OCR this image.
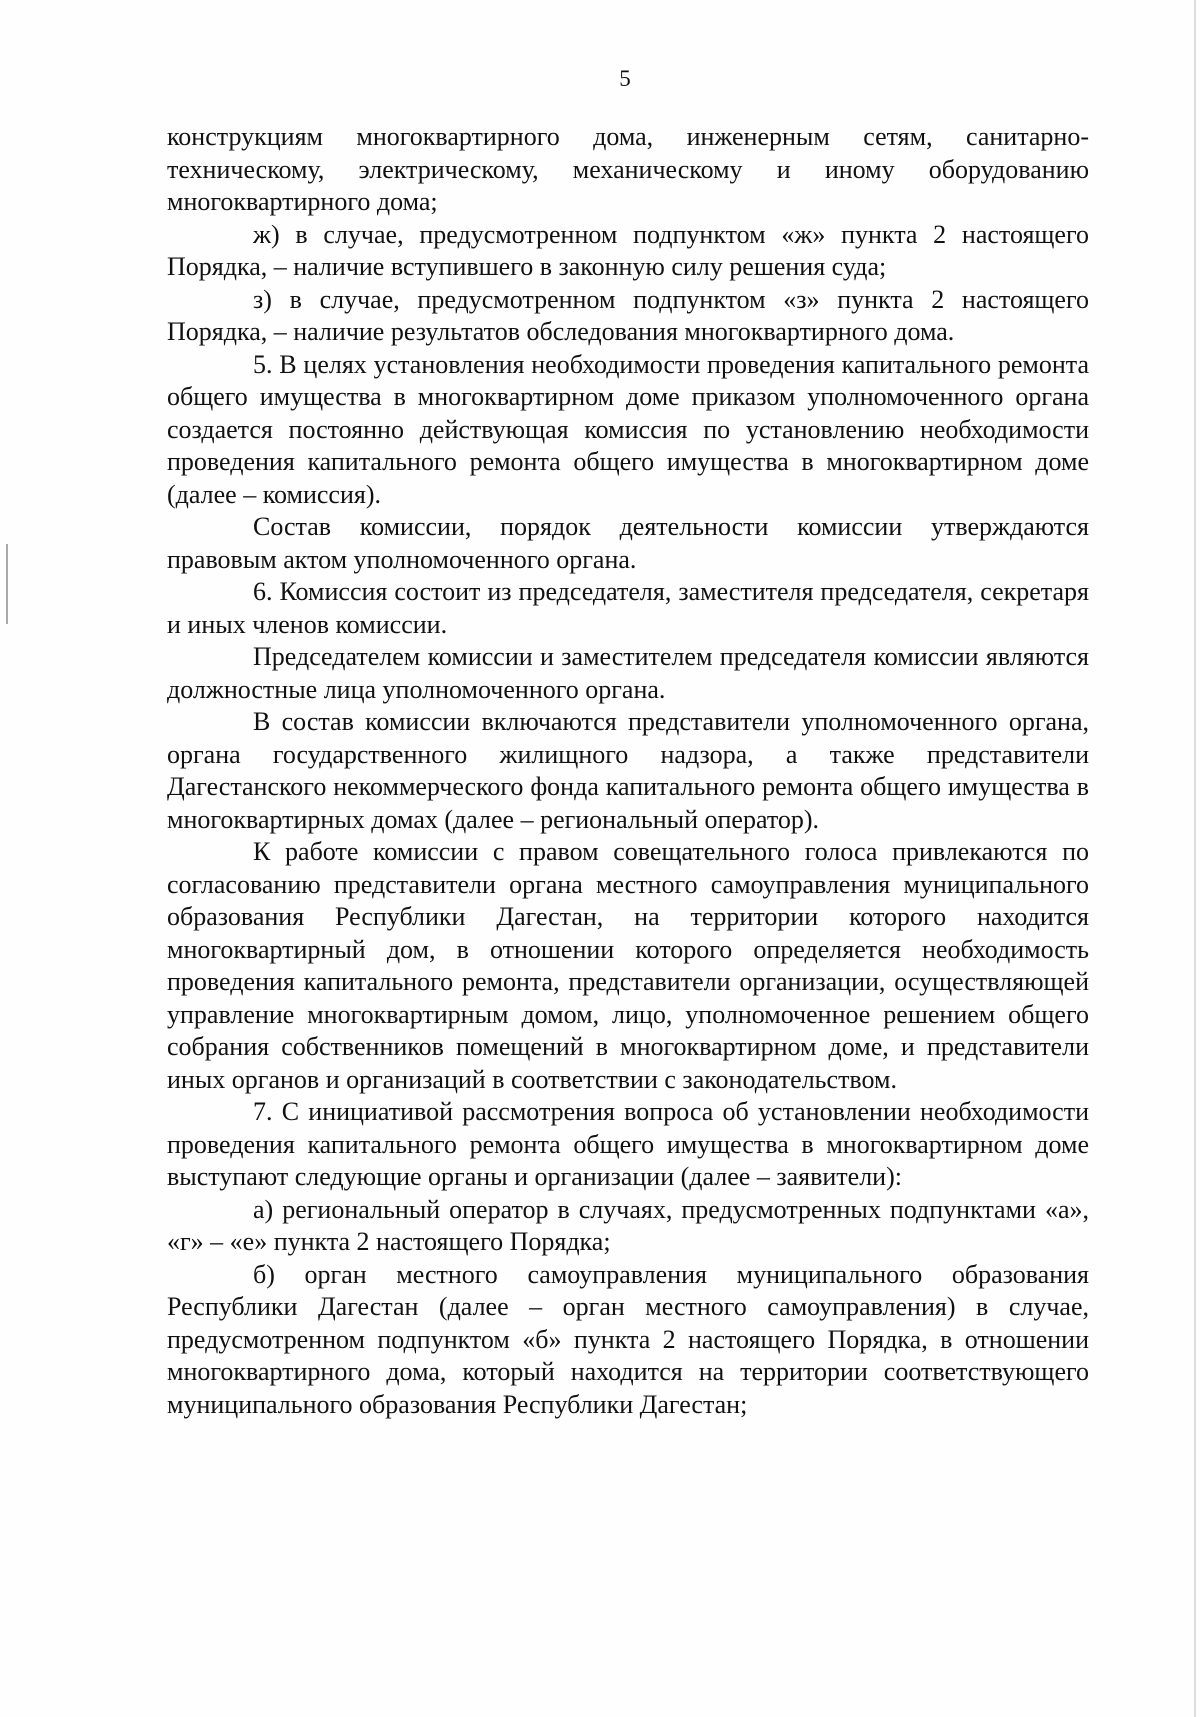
5

конструкциям многоквартирного дома, инженерным сетям, санитарно-техническому, электрическому, механическому и иному оборудованию многоквартирного дома;

ж) в случае, предусмотренном подпунктом «ж» пункта 2 настоящего Порядка, – наличие вступившего в законную силу решения суда;

з) в случае, предусмотренном подпунктом «з» пункта 2 настоящего Порядка, – наличие результатов обследования многоквартирного дома.

5. В целях установления необходимости проведения капитального ремонта общего имущества в многоквартирном доме приказом уполномоченного органа создается постоянно действующая комиссия по установлению необходимости проведения капитального ремонта общего имущества в многоквартирном доме (далее – комиссия).

Состав комиссии, порядок деятельности комиссии утверждаются правовым актом уполномоченного органа.

6. Комиссия состоит из председателя, заместителя председателя, секретаря и иных членов комиссии.

Председателем комиссии и заместителем председателя комиссии являются должностные лица уполномоченного органа.

В состав комиссии включаются представители уполномоченного органа, органа государственного жилищного надзора, а также представители Дагестанского некоммерческого фонда капитального ремонта общего имущества в многоквартирных домах (далее – региональный оператор).

К работе комиссии с правом совещательного голоса привлекаются по согласованию представители органа местного самоуправления муниципального образования Республики Дагестан, на территории которого находится многоквартирный дом, в отношении которого определяется необходимость проведения капитального ремонта, представители организации, осуществляющей управление многоквартирным домом, лицо, уполномоченное решением общего собрания собственников помещений в многоквартирном доме, и представители иных органов и организаций в соответствии с законодательством.

7. С инициативой рассмотрения вопроса об установлении необходимости проведения капитального ремонта общего имущества в многоквартирном доме выступают следующие органы и организации (далее – заявители):

а) региональный оператор в случаях, предусмотренных подпунктами «а», «г» – «е» пункта 2 настоящего Порядка;

б) орган местного самоуправления муниципального образования Республики Дагестан (далее – орган местного самоуправления) в случае, предусмотренном подпунктом «б» пункта 2 настоящего Порядка, в отношении многоквартирного дома, который находится на территории соответствующего муниципального образования Республики Дагестан;
